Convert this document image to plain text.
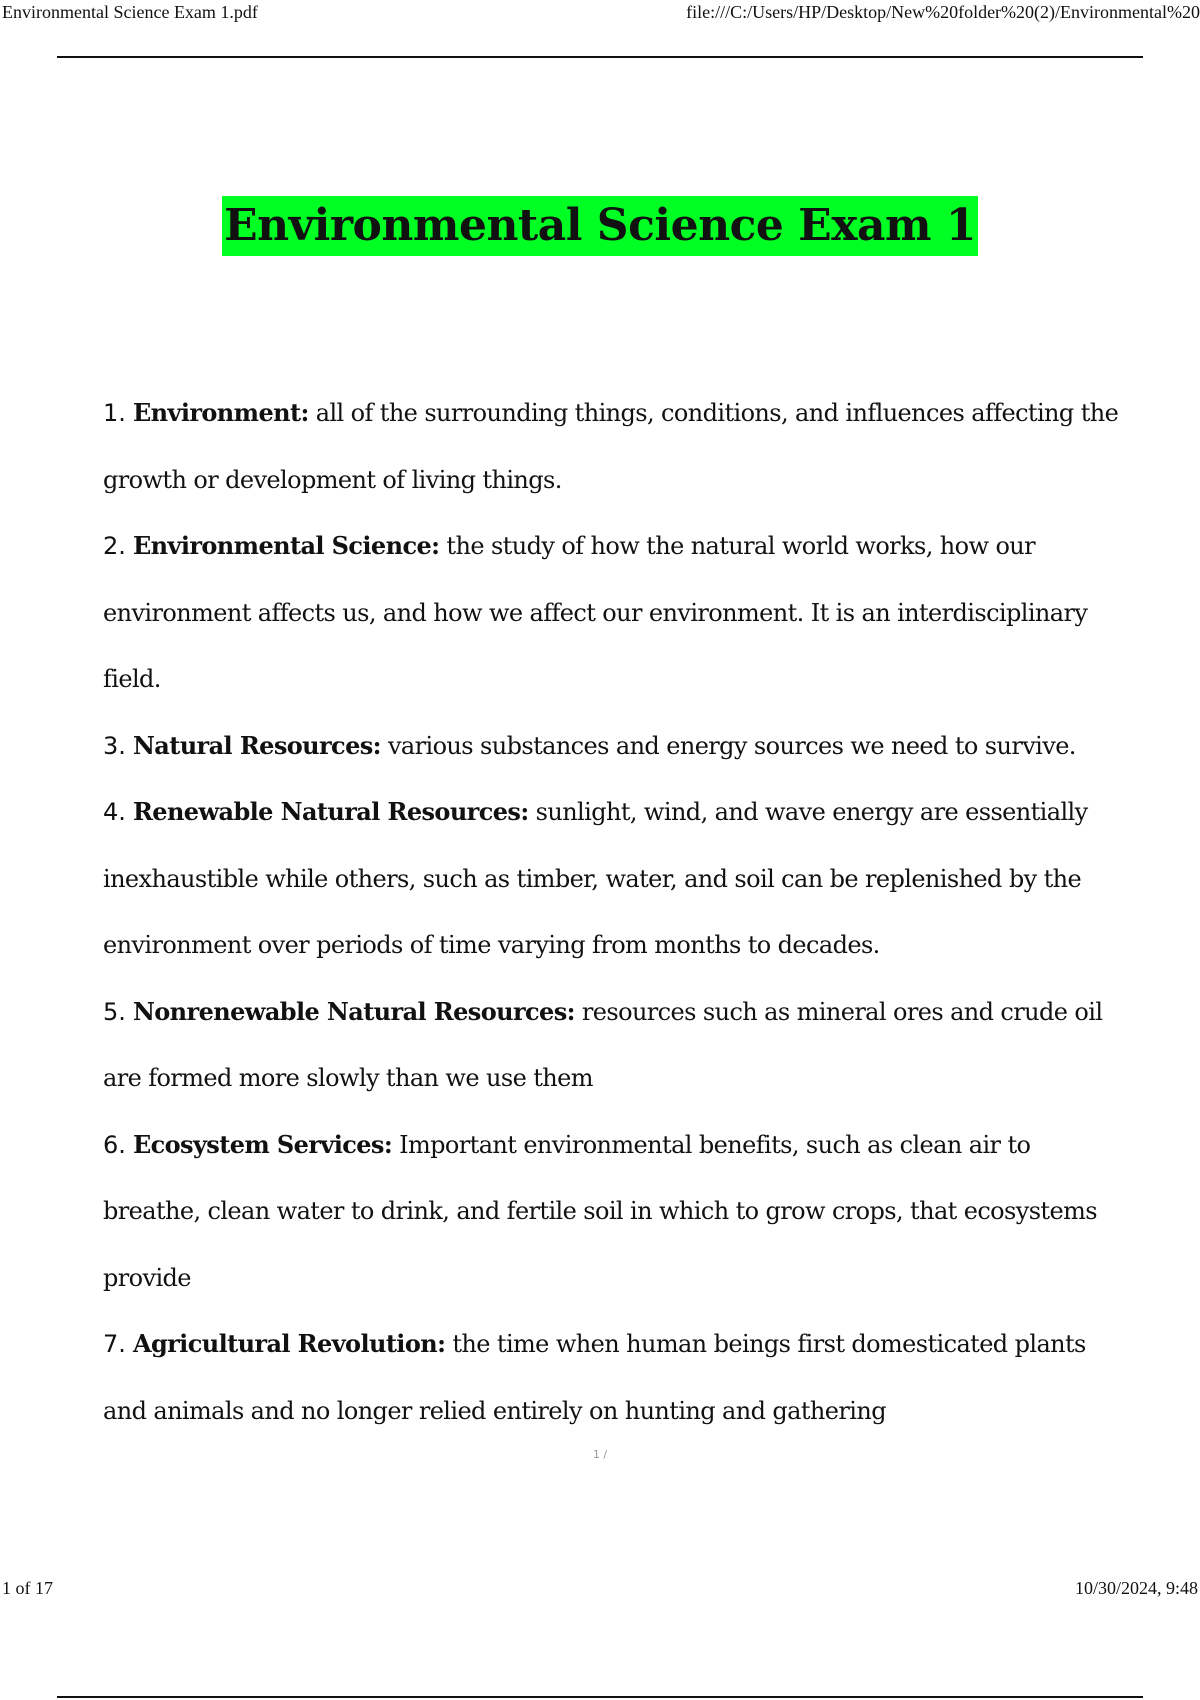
Environmental Science Exam 1.pdf	file:///C:/Users/HP/Desktop/New%20folder%20(2)/Environmental%20
Environmental Science Exam 1

1. Environment: all of the surrounding things, conditions, and influences affecting the growth or development of living things.

2. Environmental Science: the study of how the natural world works, how our environment affects us, and how we affect our environment. It is an interdisciplinary field.

3. Natural Resources: various substances and energy sources we need to survive.

4. Renewable Natural Resources: sunlight, wind, and wave energy are essentially inexhaustible while others, such as timber, water, and soil can be replenished by the environment over periods of time varying from months to decades.

5. Nonrenewable Natural Resources: resources such as mineral ores and crude oil are formed more slowly than we use them

6. Ecosystem Services: Important environmental benefits, such as clean air to breathe, clean water to drink, and fertile soil in which to grow crops, that ecosystems provide

7. Agricultural Revolution: the time when human beings first domesticated plants and animals and no longer relied entirely on hunting and gathering

1 /
1 of 17	10/30/2024, 9:48
